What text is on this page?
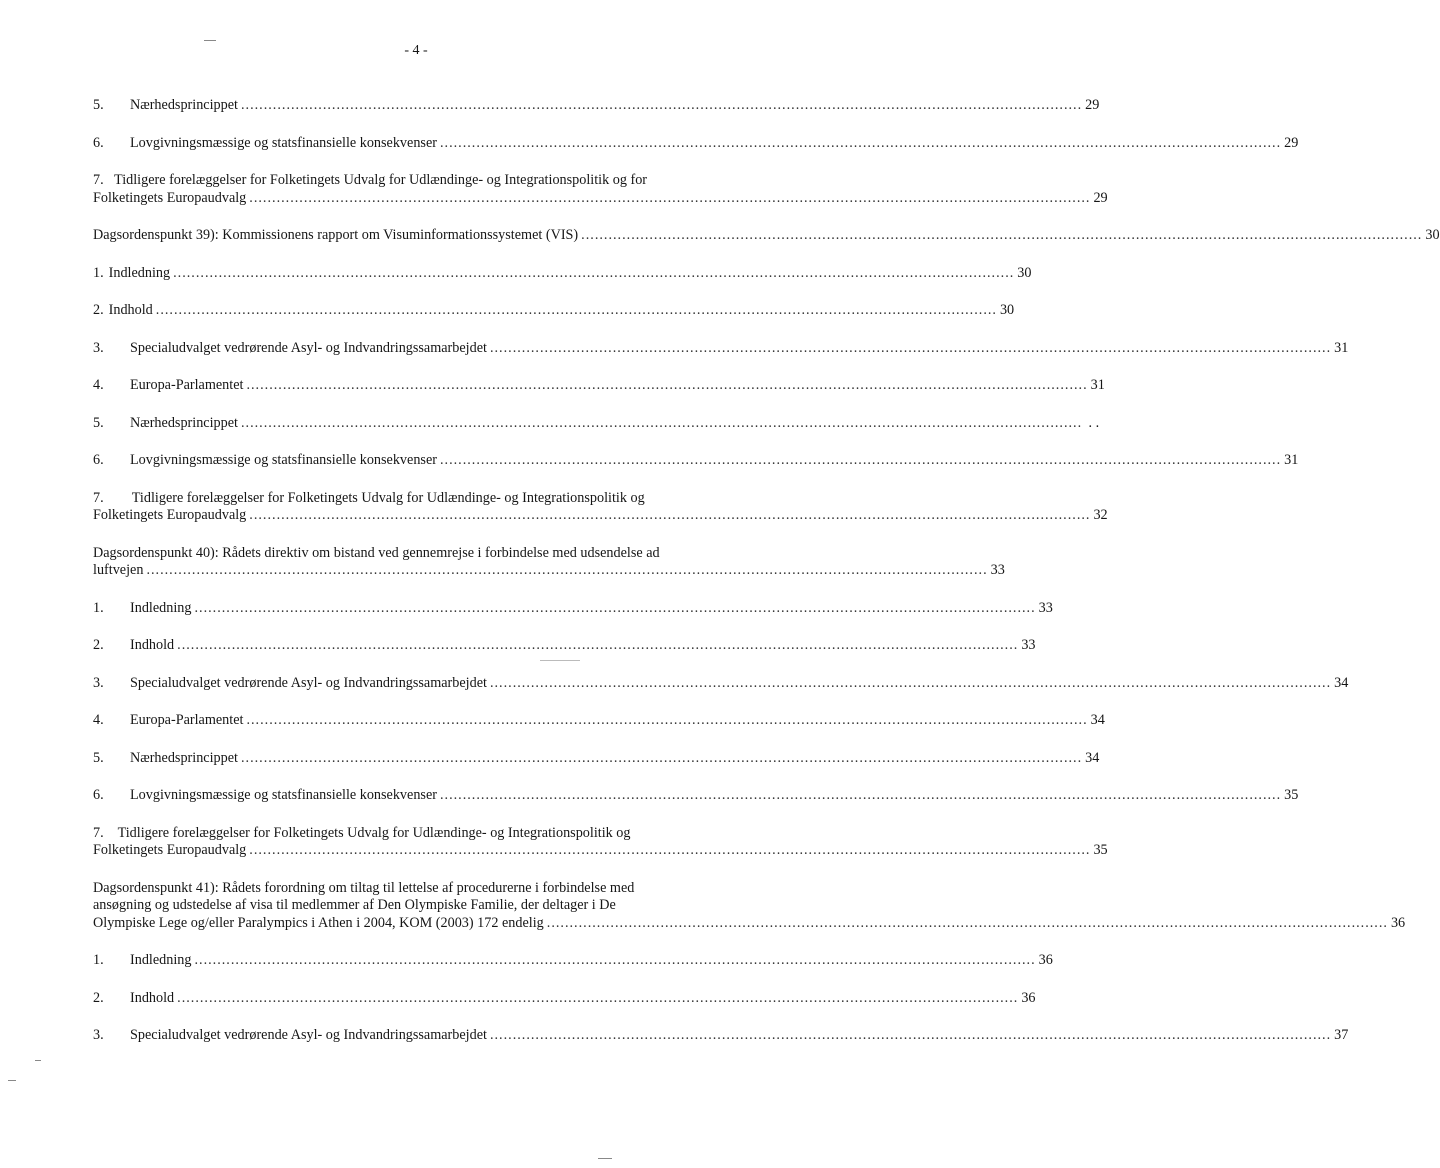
- 4 -
5.	Nærhedsprincippet ......................................................................................................................................................................................... 29
6.	Lovgivningsmæssige og statsfinansielle konsekvenser ......................................................................................................................................................................................... 29
7. Tidligere forelæggelser for Folketingets Udvalg for Udlændinge- og Integrationspolitik og for
Folketingets Europaudvalg ......................................................................................................................................................................................... 29
Dagsordenspunkt 39): Kommissionens rapport om Visuminformationssystemet (VIS) ......................................................................................................................................................................................... 30
1. Indledning ......................................................................................................................................................................................... 30
2. Indhold ......................................................................................................................................................................................... 30
3.	Specialudvalget vedrørende Asyl- og Indvandringssamarbejdet ......................................................................................................................................................................................... 31
4.	Europa-Parlamentet ......................................................................................................................................................................................... 31
5.	Nærhedsprincippet ......................................................................................................................................................................................... . .
6.	Lovgivningsmæssige og statsfinansielle konsekvenser ......................................................................................................................................................................................... 31
7. Tidligere forelæggelser for Folketingets Udvalg for Udlændinge- og Integrationspolitik og
Folketingets Europaudvalg ......................................................................................................................................................................................... 32
Dagsordenspunkt 40): Rådets direktiv om bistand ved gennemrejse i forbindelse med udsendelse ad
luftvejen ......................................................................................................................................................................................... 33
1.	Indledning ......................................................................................................................................................................................... 33
2.	Indhold ......................................................................................................................................................................................... 33
3.	Specialudvalget vedrørende Asyl- og Indvandringssamarbejdet ......................................................................................................................................................................................... 34
4.	Europa-Parlamentet ......................................................................................................................................................................................... 34
5.	Nærhedsprincippet ......................................................................................................................................................................................... 34
6.	Lovgivningsmæssige og statsfinansielle konsekvenser ......................................................................................................................................................................................... 35
7. Tidligere forelæggelser for Folketingets Udvalg for Udlændinge- og Integrationspolitik og
Folketingets Europaudvalg ......................................................................................................................................................................................... 35
Dagsordenspunkt 41): Rådets forordning om tiltag til lettelse af procedurerne i forbindelse med
ansøgning og udstedelse af visa til medlemmer af Den Olympiske Familie, der deltager i De
Olympiske Lege og/eller Paralympics i Athen i 2004, KOM (2003) 172 endelig ......................................................................................................................................................................................... 36
1.	Indledning ......................................................................................................................................................................................... 36
2.	Indhold ......................................................................................................................................................................................... 36
3.	Specialudvalget vedrørende Asyl- og Indvandringssamarbejdet ......................................................................................................................................................................................... 37
